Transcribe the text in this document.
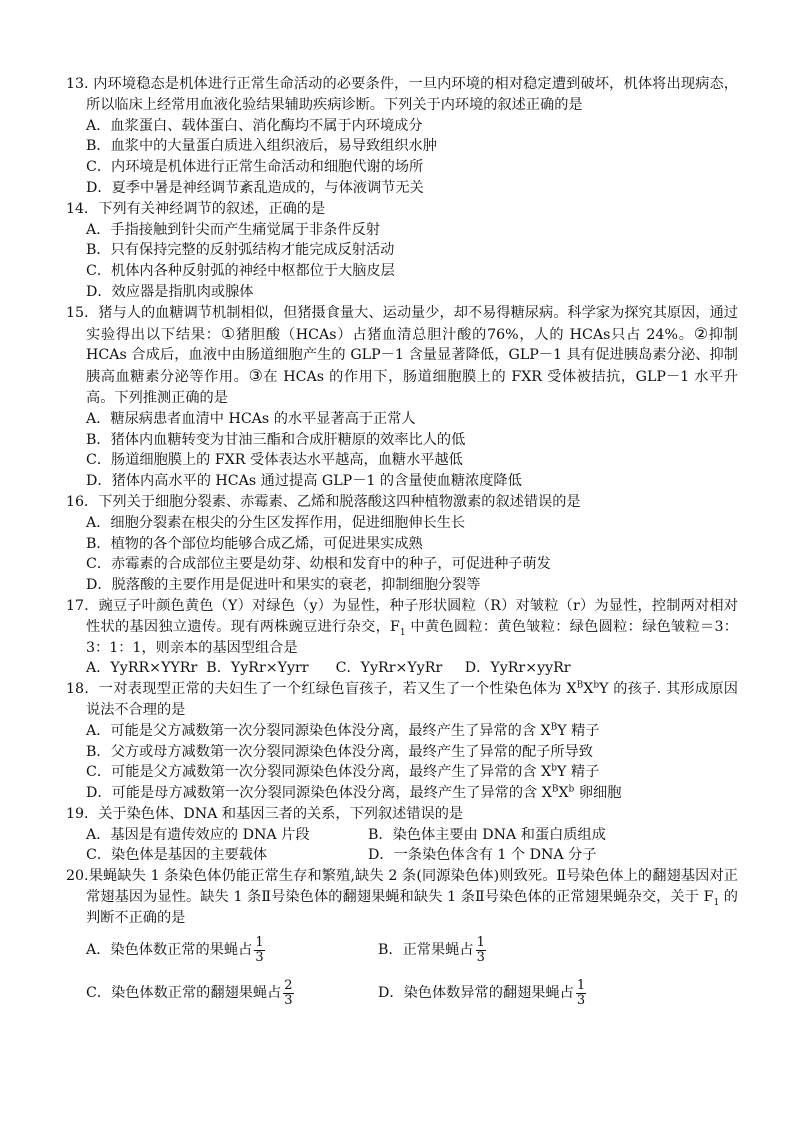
13. 内环境稳态是机体进行正常生命活动的必要条件，一旦内环境的相对稳定遭到破坏，机体将出现病态，所以临床上经常用血液化验结果辅助疾病诊断。下列关于内环境的叙述正确的是
A．血浆蛋白、载体蛋白、消化酶均不属于内环境成分
B．血浆中的大量蛋白质进入组织液后，易导致组织水肿
C．内环境是机体进行正常生命活动和细胞代谢的场所
D．夏季中暑是神经调节紊乱造成的，与体液调节无关
14．下列有关神经调节的叙述，正确的是
A．手指接触到针尖而产生痛觉属于非条件反射
B．只有保持完整的反射弧结构才能完成反射活动
C．机体内各种反射弧的神经中枢都位于大脑皮层
D．效应器是指肌肉或腺体
15．猪与人的血糖调节机制相似，但猪摄食量大、运动量少，却不易得糖尿病。科学家为探究其原因，通过实验得出以下结果：①猪胆酸（HCAs）占猪血清总胆汁酸的76%，人的 HCAs只占 24%。②抑制 HCAs 合成后，血液中由肠道细胞产生的 GLP－1 含量显著降低，GLP－1 具有促进胰岛素分泌、抑制胰高血糖素分泌等作用。③在 HCAs 的作用下，肠道细胞膜上的 FXR 受体被拮抗，GLP－1 水平升高。下列推测正确的是
A．糖尿病患者血清中 HCAs 的水平显著高于正常人
B．猪体内血糖转变为甘油三酯和合成肝糖原的效率比人的低
C．肠道细胞膜上的 FXR 受体表达水平越高，血糖水平越低
D．猪体内高水平的 HCAs 通过提高 GLP－1 的含量使血糖浓度降低
16．下列关于细胞分裂素、赤霉素、乙烯和脱落酸这四种植物激素的叙述错误的是
A．细胞分裂素在根尖的分生区发挥作用，促进细胞伸长生长
B．植物的各个部位均能够合成乙烯，可促进果实成熟
C．赤霉素的合成部位主要是幼芽、幼根和发育中的种子，可促进种子萌发
D．脱落酸的主要作用是促进叶和果实的衰老，抑制细胞分裂等
17．豌豆子叶颜色黄色（Y）对绿色（y）为显性，种子形状圆粒（R）对皱粒（r）为显性，控制两对相对性状的基因独立遗传。现有两株豌豆进行杂交，$F_1$ 中黄色圆粒：黄色皱粒：绿色圆粒：绿色皱粒＝3：3：1：1，则亲本的基因型组合是
A．YyRR×YYRr  B．YyRr×Yyrr      C．YyRr×YyRr     D．YyRr×yyRr
18．一对表现型正常的夫妇生了一个红绿色盲孩子，若又生了一个性染色体为 $X^BX^bY$ 的孩子. 其形成原因说法不合理的是
A．可能是父方减数第一次分裂同源染色体没分离，最终产生了异常的含 $X^BY$ 精子
B．父方或母方减数第一次分裂同源染色体没分离，最终产生了异常的配子所导致
C．可能是父方减数第一次分裂同源染色体没分离，最终产生了异常的含 $X^bY$ 精子
D．可能是母方减数第一次分裂同源染色体没分离，最终产生了异常的含 $X^BX^b$ 卵细胞
19．关于染色体、DNA 和基因三者的关系，下列叙述错误的是
A．基因是有遗传效应的 DNA 片段	B．染色体主要由 DNA 和蛋白质组成
C．染色体是基因的主要载体	D．一条染色体含有 1 个 DNA 分子
20.果蝇缺失 1 条染色体仍能正常生存和繁殖,缺失 2 条(同源染色体)则致死。Ⅱ号染色体上的翻翅基因对正常翅基因为显性。缺失 1 条Ⅱ号染色体的翻翅果蝇和缺失 1 条Ⅱ号染色体的正常翅果蝇杂交，关于 $F_1$ 的判断不正确的是
A．染色体数正常的果蝇占 $\frac{1}{3}$	B．正常果蝇占 $\frac{1}{3}$
C．染色体数正常的翻翅果蝇占 $\frac{2}{3}$	D．染色体数异常的翻翅果蝇占 $\frac{1}{3}$
